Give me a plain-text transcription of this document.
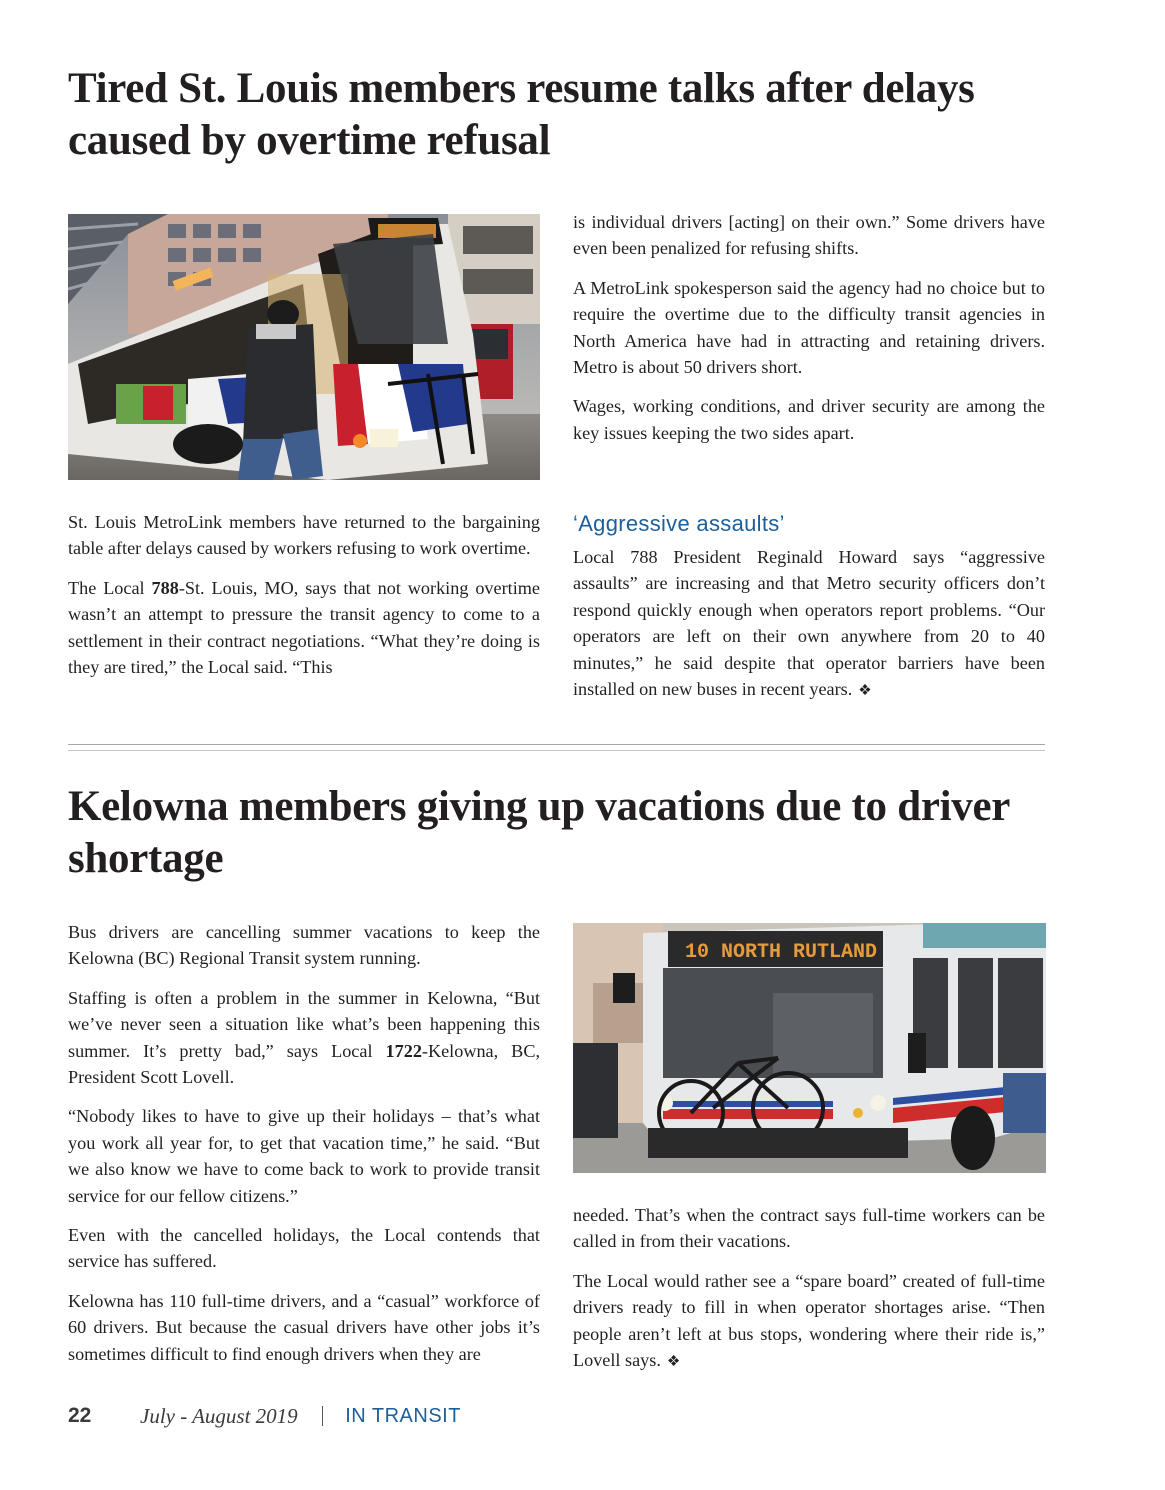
Tired St. Louis members resume talks after delays caused by overtime refusal

St. Louis MetroLink members have returned to the bargaining table after delays caused by workers refusing to work overtime.

The Local 788-St. Louis, MO, says that not working overtime wasn’t an attempt to pressure the transit agency to come to a settlement in their contract negotiations. “What they’re doing is they are tired,” the Local said. “This

is individual drivers [acting] on their own.” Some drivers have even been penalized for refusing shifts.

A MetroLink spokesperson said the agency had no choice but to require the overtime due to the difficulty transit agencies in North America have had in attracting and retaining drivers. Metro is about 50 drivers short.

Wages, working conditions, and driver security are among the key issues keeping the two sides apart.

‘Aggressive assaults’

Local 788 President Reginald Howard says “aggressive assaults” are increasing and that Metro security officers don’t respond quickly enough when operators report problems. “Our operators are left on their own anywhere from 20 to 40 minutes,” he said despite that operator barriers have been installed on new buses in recent years. ❖

Kelowna members giving up vacations due to driver shortage

Bus drivers are cancelling summer vacations to keep the Kelowna (BC) Regional Transit system running.

Staffing is often a problem in the summer in Kelowna, “But we’ve never seen a situation like what’s been happening this summer. It’s pretty bad,” says Local 1722-Kelowna, BC, President Scott Lovell.

“Nobody likes to have to give up their holidays – that’s what you work all year for, to get that vacation time,” he said. “But we also know we have to come back to work to provide transit service for our fellow citizens.”

Even with the cancelled holidays, the Local contends that service has suffered.

Kelowna has 110 full-time drivers, and a “casual” workforce of 60 drivers. But because the casual drivers have other jobs it’s sometimes difficult to find enough drivers when they are

10 NORTH RUTLAND

needed. That’s when the contract says full-time workers can be called in from their vacations.

The Local would rather see a “spare board” created of full-time drivers ready to fill in when operator shortages arise. “Then people aren’t left at bus stops, wondering where their ride is,” Lovell says. ❖

22	July - August 2019 IN TRANSIT
